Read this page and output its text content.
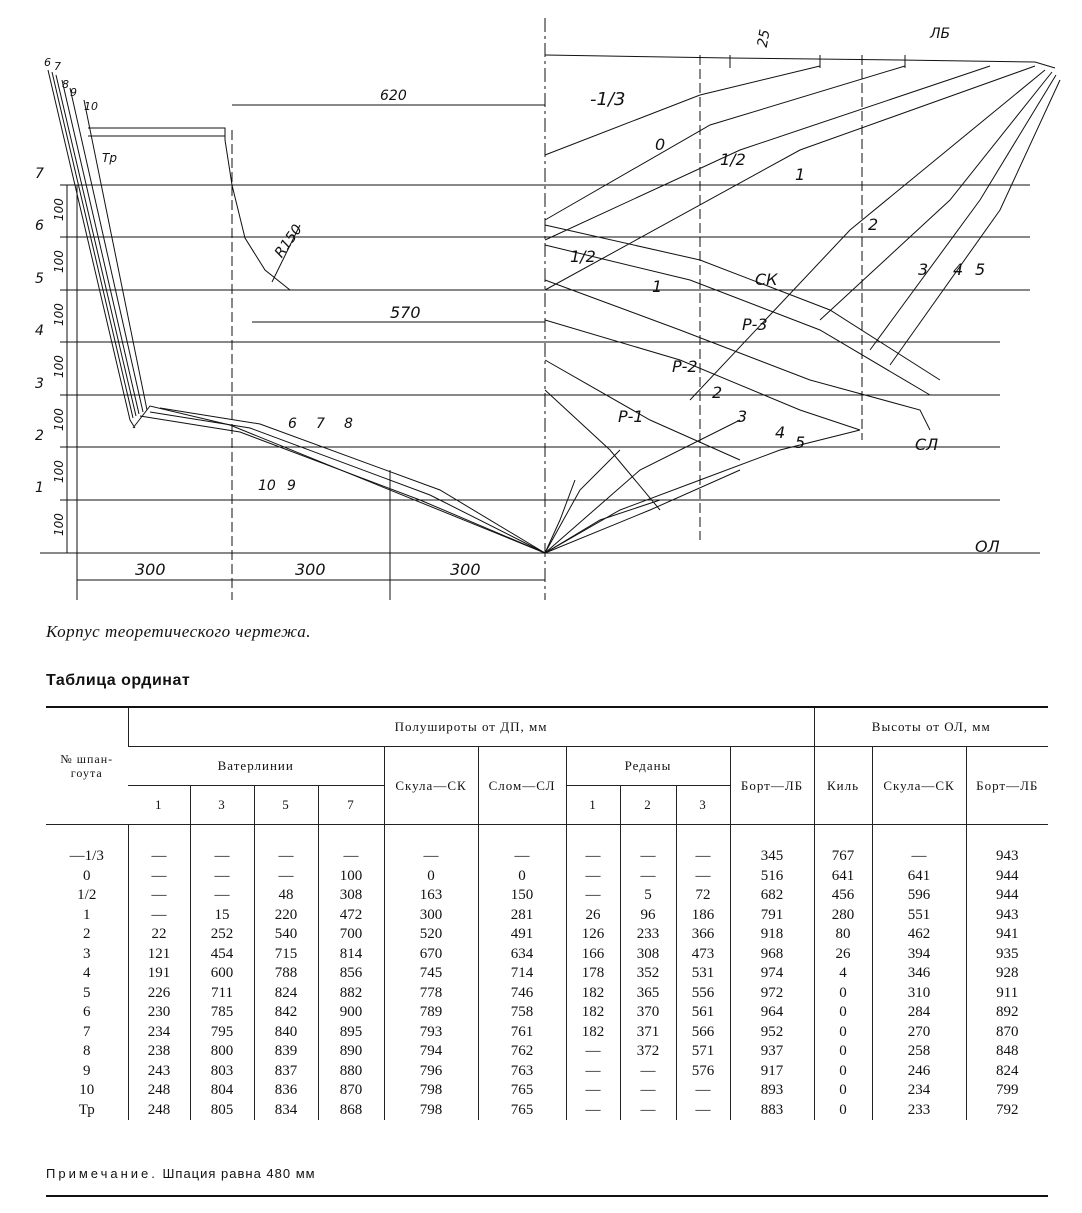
620
570
300	300	300
25
R150
1
2
3
4
5
6
7
6 7
8
9
10
Тр
6 7 8
10 9
-1/3
0
1/2
1
2
3 4 5
1/2
1	СК
Р-3
Р-2
2
3
Р-1
4
5	СЛ
ЛБ
ОЛ
100
100
100
100
100
100
100
Корпус теоретического чертежа.
Таблица ординат
№ шпан- гоута	Полуширoты от ДП, мм										Высоты от ОЛ, мм		
	Ватерлинии				Скула—СК	Слом—СЛ	Реданы			Борт—ЛБ	Киль	Скула—СК	Борт—ЛБ
	1	3	5	7			1	2	3				
—1/3	—	—	—	—	—	—	—	—	—	345	767	—	943
0	—	—	—	100	0	0	—	—	—	516	641	641	944
1/2	—	—	48	308	163	150	—	5	72	682	456	596	944
1	—	15	220	472	300	281	26	96	186	791	280	551	943
2	22	252	540	700	520	491	126	233	366	918	80	462	941
3	121	454	715	814	670	634	166	308	473	968	26	394	935
4	191	600	788	856	745	714	178	352	531	974	4	346	928
5	226	711	824	882	778	746	182	365	556	972	0	310	911
6	230	785	842	900	789	758	182	370	561	964	0	284	892
7	234	795	840	895	793	761	182	371	566	952	0	270	870
8	238	800	839	890	794	762	—	372	571	937	0	258	848
9	243	803	837	880	796	763	—	—	576	917	0	246	824
10	248	804	836	870	798	765	—	—	—	893	0	234	799
Тр	248	805	834	868	798	765	—	—	—	883	0	233	792
Примечание. Шпация равна 480 мм
